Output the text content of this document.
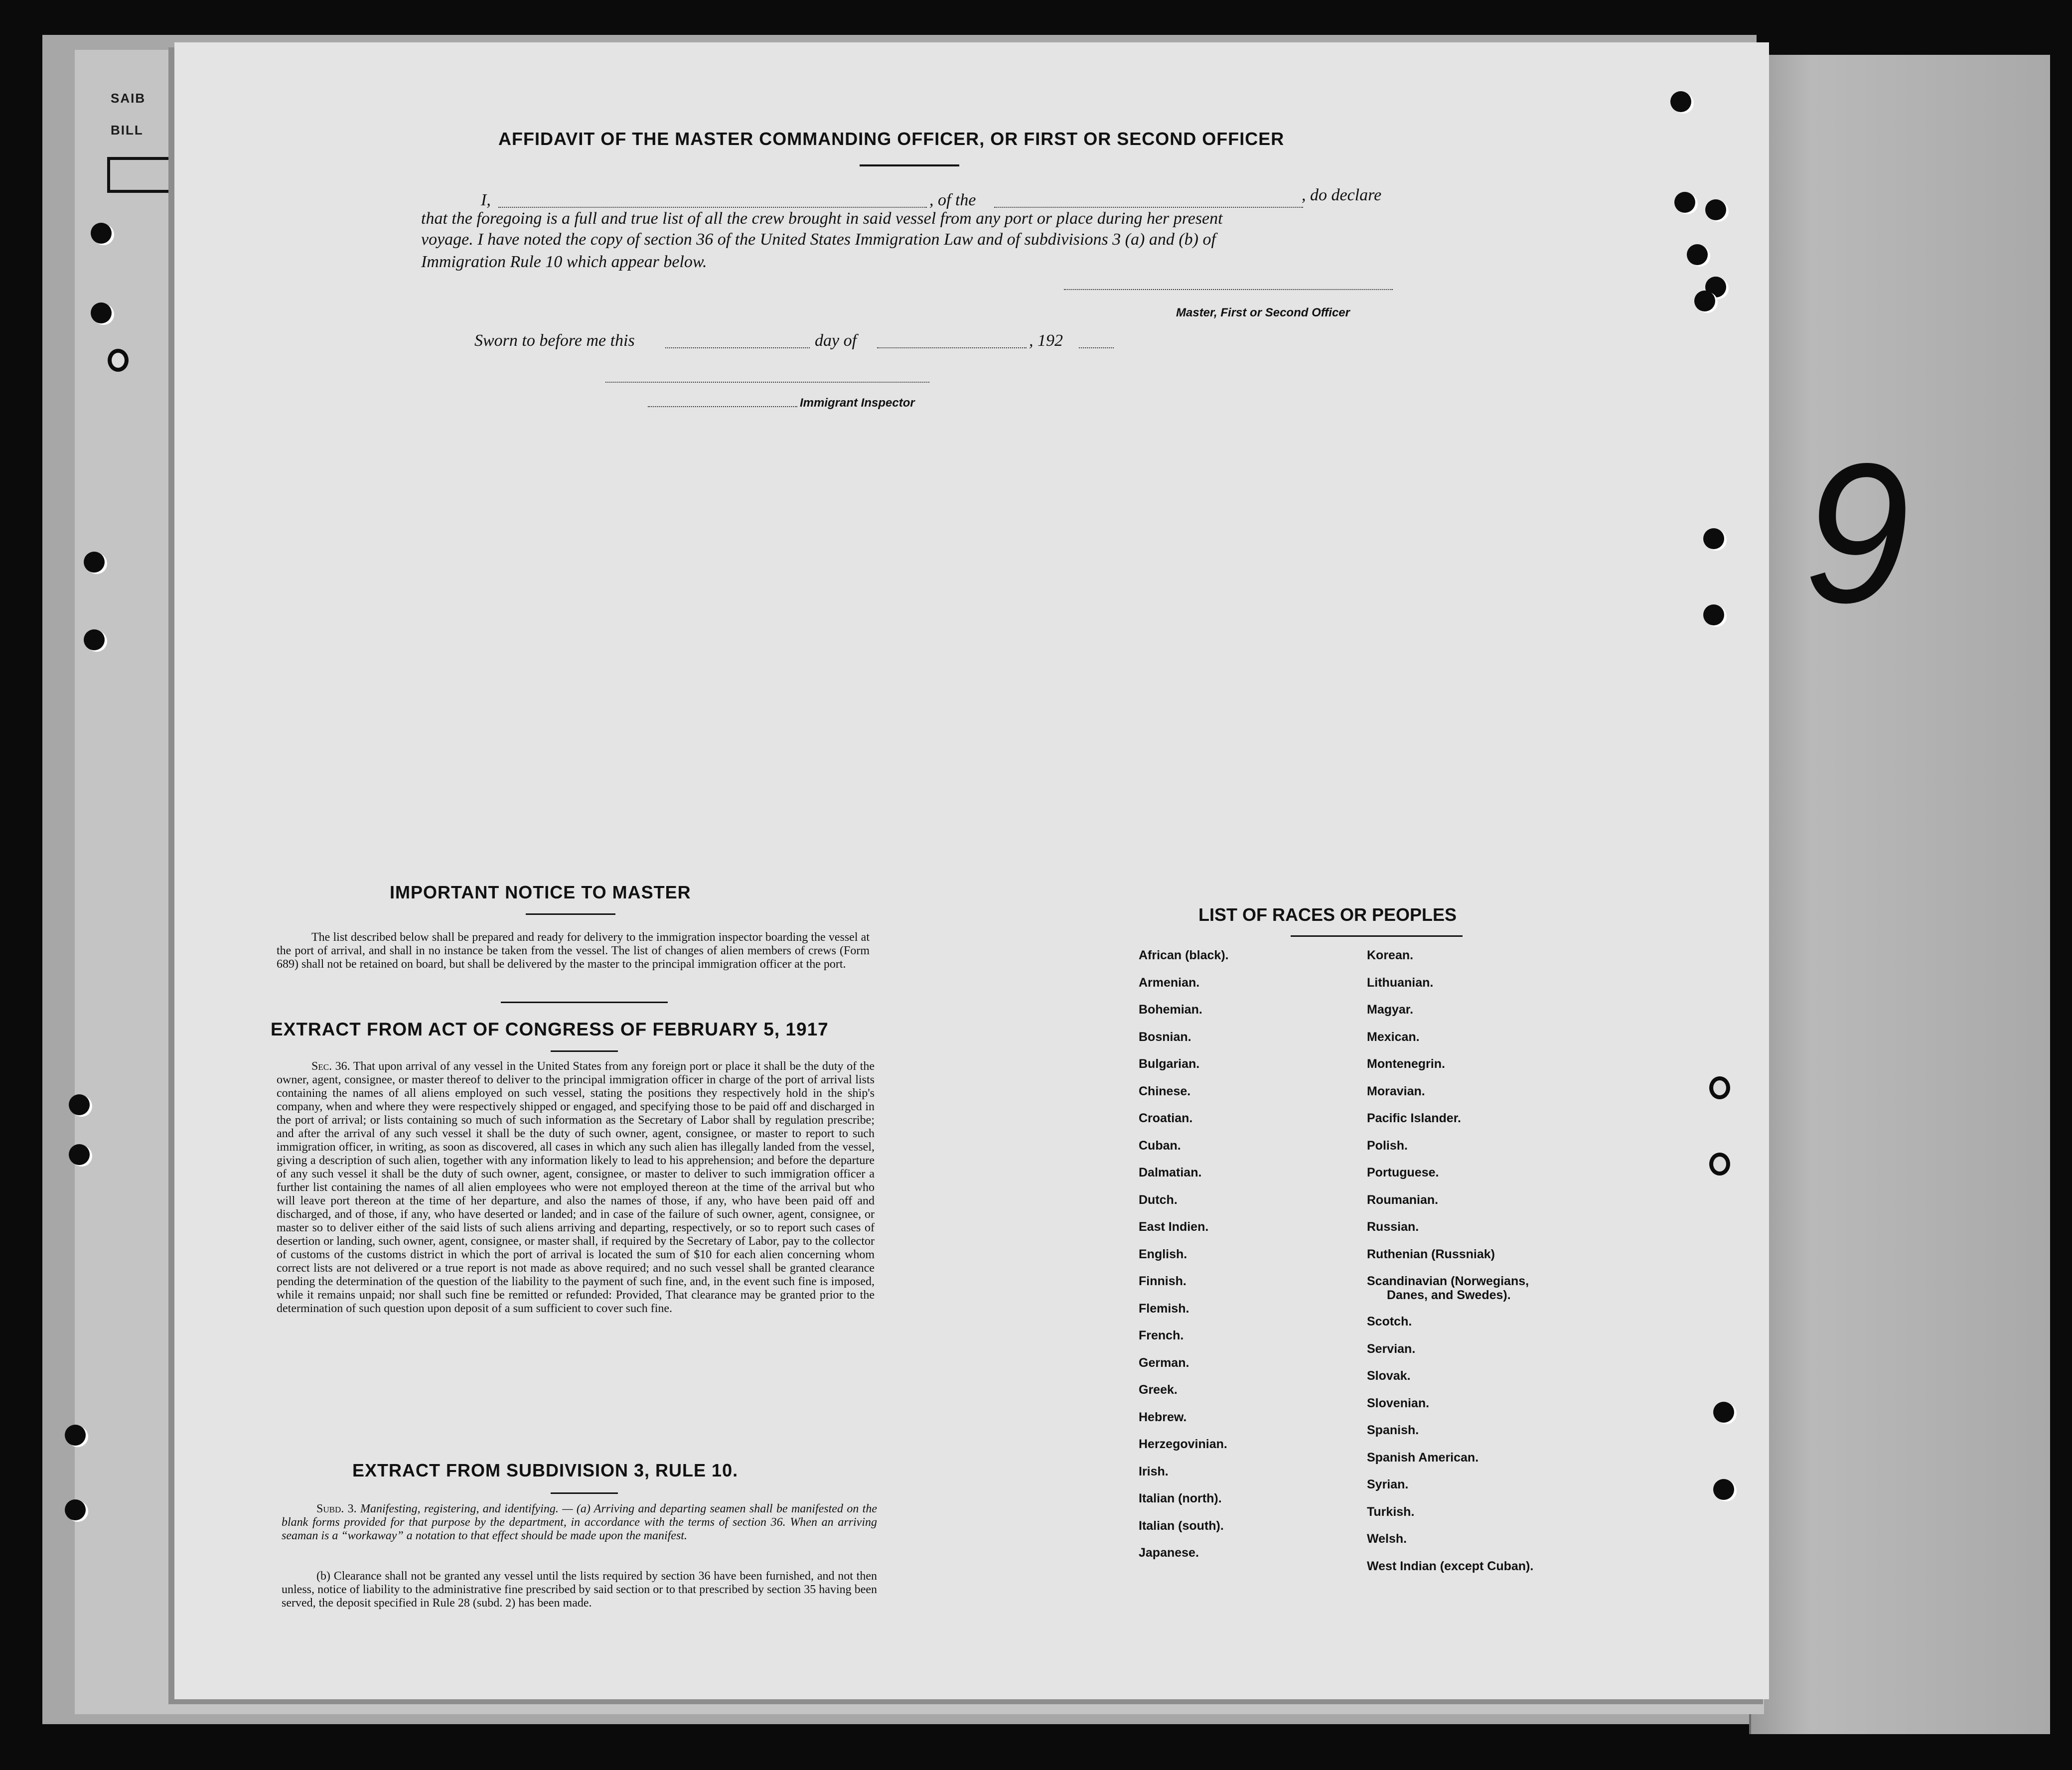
SAIB
BILL
9
AFFIDAVIT OF THE MASTER COMMANDING OFFICER, OR FIRST OR SECOND OFFICER
I,	, of the	, do declare
that the foregoing is a full and true list of all the crew brought in said vessel from any port or place during her present
voyage. I have noted the copy of section 36 of the United States Immigration Law and of subdivisions 3 (a) and (b) of
Immigration Rule 10 which appear below.
Master, First or Second Officer
Sworn to before me this	day of	, 192
Immigrant Inspector
IMPORTANT NOTICE TO MASTER
The list described below shall be prepared and ready for delivery to the immigration inspector boarding the vessel at the port of arrival, and shall in no instance be taken from the vessel. The list of changes of alien members of crews (Form 689) shall not be retained on board, but shall be delivered by the master to the principal immigration officer at the port.
EXTRACT FROM ACT OF CONGRESS OF FEBRUARY 5, 1917
Sec. 36. That upon arrival of any vessel in the United States from any foreign port or place it shall be the duty of the owner, agent, consignee, or master thereof to deliver to the principal immigration officer in charge of the port of arrival lists containing the names of all aliens employed on such vessel, stating the positions they respectively hold in the ship's company, when and where they were respectively shipped or engaged, and specifying those to be paid off and discharged in the port of arrival; or lists containing so much of such information as the Secretary of Labor shall by regulation prescribe; and after the arrival of any such vessel it shall be the duty of such owner, agent, consignee, or master to report to such immigration officer, in writing, as soon as discovered, all cases in which any such alien has illegally landed from the vessel, giving a description of such alien, together with any information likely to lead to his apprehension; and before the departure of any such vessel it shall be the duty of such owner, agent, consignee, or master to deliver to such immigration officer a further list containing the names of all alien employees who were not employed thereon at the time of the arrival but who will leave port thereon at the time of her departure, and also the names of those, if any, who have been paid off and discharged, and of those, if any, who have deserted or landed; and in case of the failure of such owner, agent, consignee, or master so to deliver either of the said lists of such aliens arriving and departing, respectively, or so to report such cases of desertion or landing, such owner, agent, consignee, or master shall, if required by the Secretary of Labor, pay to the collector of customs of the customs district in which the port of arrival is located the sum of $10 for each alien concerning whom correct lists are not delivered or a true report is not made as above required; and no such vessel shall be granted clearance pending the determination of the question of the liability to the payment of such fine, and, in the event such fine is imposed, while it remains unpaid; nor shall such fine be remitted or refunded: Provided, That clearance may be granted prior to the determination of such question upon deposit of a sum sufficient to cover such fine.
EXTRACT FROM SUBDIVISION 3, RULE 10.
Subd. 3. Manifesting, registering, and identifying. — (a) Arriving and departing seamen shall be manifested on the blank forms provided for that purpose by the department, in accordance with the terms of section 36. When an arriving seaman is a “workaway” a notation to that effect should be made upon the manifest.
(b) Clearance shall not be granted any vessel until the lists required by section 36 have been furnished, and not then unless, notice of liability to the administrative fine prescribed by said section or to that prescribed by section 35 having been served, the deposit specified in Rule 28 (subd. 2) has been made.
LIST OF RACES OR PEOPLES
African (black).
Armenian.
Bohemian.
Bosnian.
Bulgarian.
Chinese.
Croatian.
Cuban.
Dalmatian.
Dutch.
East Indien.
English.
Finnish.
Flemish.
French.
German.
Greek.
Hebrew.
Herzegovinian.
Irish.
Italian (north).
Italian (south).
Japanese.
Korean.
Lithuanian.
Magyar.
Mexican.
Montenegrin.
Moravian.
Pacific Islander.
Polish.
Portuguese.
Roumanian.
Russian.
Ruthenian (Russniak)
Scandinavian (Norwegians,
Danes, and Swedes).
Scotch.
Servian.
Slovak.
Slovenian.
Spanish.
Spanish American.
Syrian.
Turkish.
Welsh.
West Indian (except Cuban).
